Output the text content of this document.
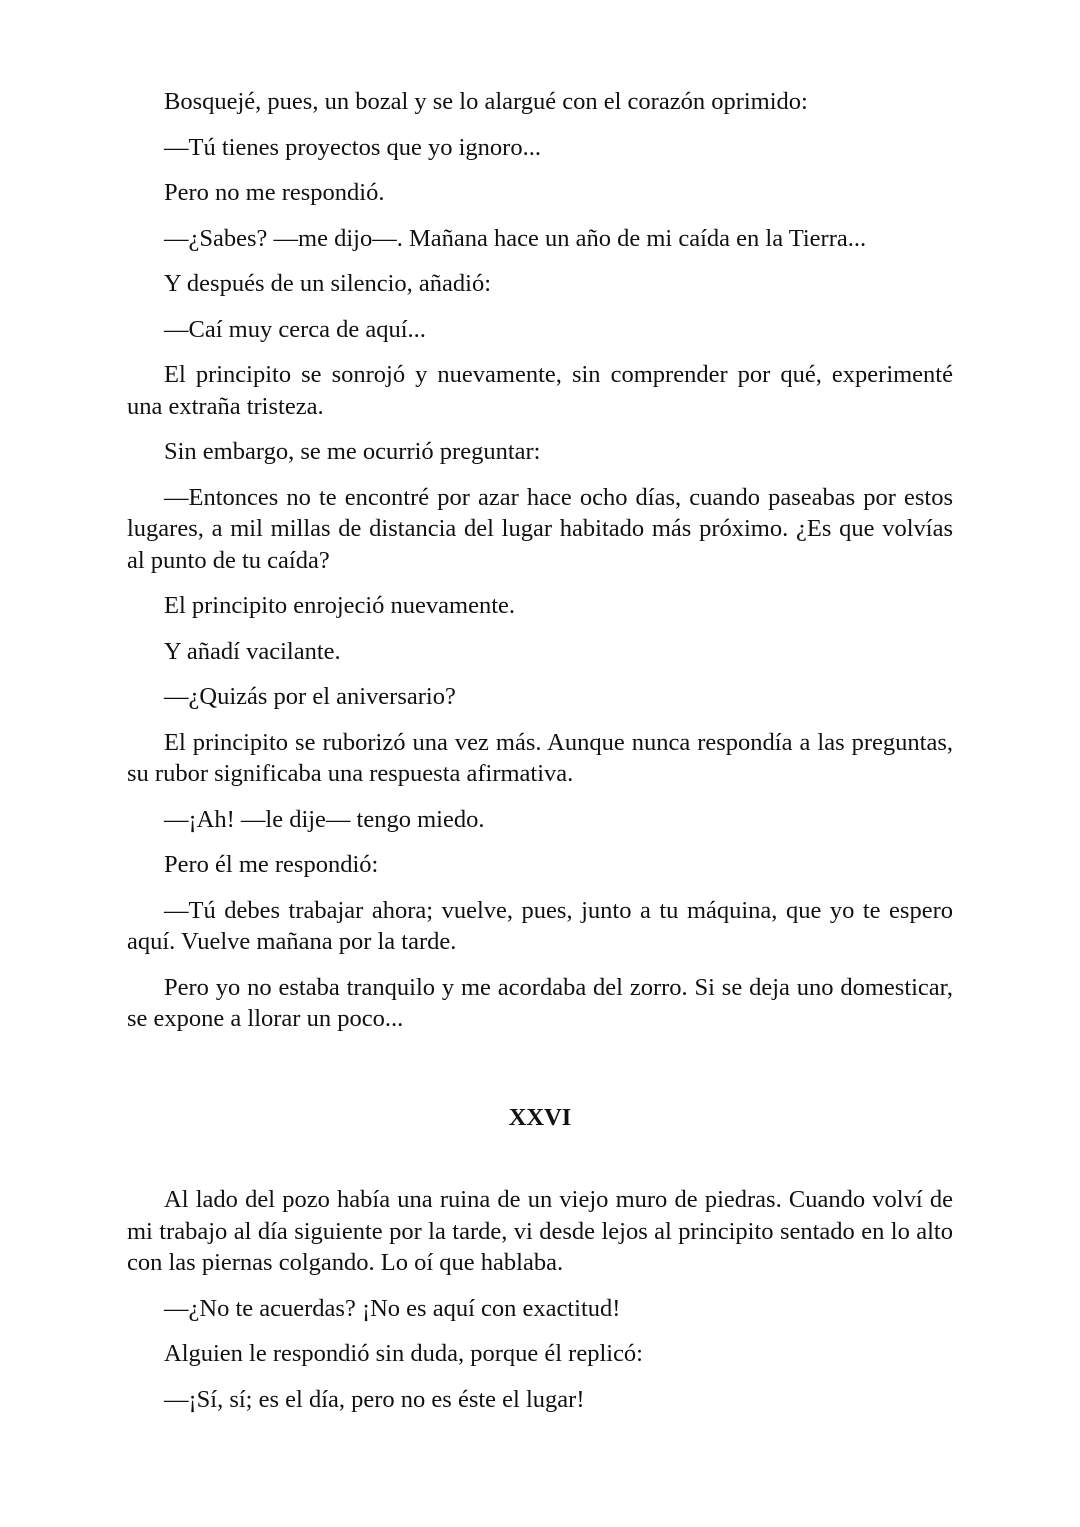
Bosquejé, pues, un bozal y se lo alargué con el corazón oprimido:

—Tú tienes proyectos que yo ignoro...

Pero no me respondió.

—¿Sabes? —me dijo—. Mañana hace un año de mi caída en la Tierra...

Y después de un silencio, añadió:

—Caí muy cerca de aquí...

El principito se sonrojó y nuevamente, sin comprender por qué, experimenté una extraña tristeza.

Sin embargo, se me ocurrió preguntar:

—Entonces no te encontré por azar hace ocho días, cuando paseabas por estos lugares, a mil millas de distancia del lugar habitado más próximo. ¿Es que volvías al punto de tu caída?

El principito enrojeció nuevamente.

Y añadí vacilante.

—¿Quizás por el aniversario?

El principito se ruborizó una vez más. Aunque nunca respondía a las preguntas, su rubor significaba una respuesta afirmativa.

—¡Ah! —le dije— tengo miedo.

Pero él me respondió:

—Tú debes trabajar ahora; vuelve, pues, junto a tu máquina, que yo te espero aquí. Vuelve mañana por la tarde.

Pero yo no estaba tranquilo y me acordaba del zorro. Si se deja uno domesticar, se expone a llorar un poco...

XXVI

Al lado del pozo había una ruina de un viejo muro de piedras. Cuando volví de mi trabajo al día siguiente por la tarde, vi desde lejos al principito sentado en lo alto con las piernas colgando. Lo oí que hablaba.

—¿No te acuerdas? ¡No es aquí con exactitud!

Alguien le respondió sin duda, porque él replicó:

—¡Sí, sí; es el día, pero no es éste el lugar!
